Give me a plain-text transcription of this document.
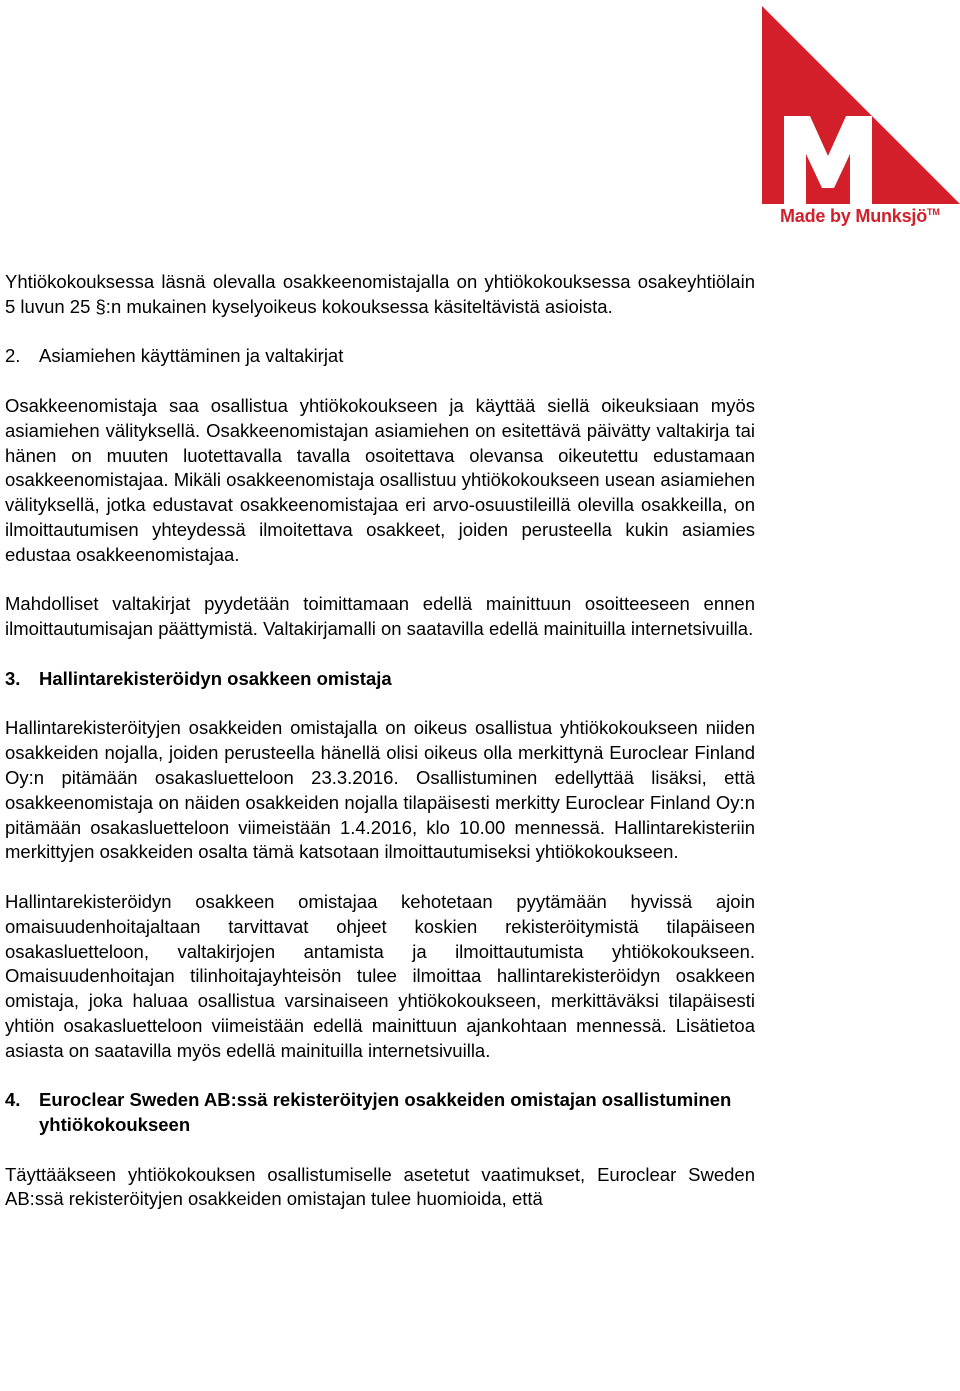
Made by Munksjö™

Yhtiökokouksessa läsnä olevalla osakkeenomistajalla on yhtiökokouksessa osakeyhtiölain 5 luvun 25 §:n mukainen kyselyoikeus kokouksessa käsiteltävistä asioista.

2.	Asiamiehen käyttäminen ja valtakirjat

Osakkeenomistaja saa osallistua yhtiökokoukseen ja käyttää siellä oikeuksiaan myös asiamiehen välityksellä. Osakkeenomistajan asiamiehen on esitettävä päivätty valtakirja tai hänen on muuten luotettavalla tavalla osoitettava olevansa oikeutettu edustamaan osakkeenomistajaa. Mikäli osakkeenomistaja osallistuu yhtiökokoukseen usean asiamiehen välityksellä, jotka edustavat osakkeenomistajaa eri arvo-osuustileillä olevilla osakkeilla, on ilmoittautumisen yhteydessä ilmoitettava osakkeet, joiden perusteella kukin asiamies edustaa osakkeenomistajaa.

Mahdolliset valtakirjat pyydetään toimittamaan edellä mainittuun osoitteeseen ennen ilmoittautumisajan päättymistä. Valtakirjamalli on saatavilla edellä mainituilla internetsivuilla.

3.	Hallintarekisteröidyn osakkeen omistaja

Hallintarekisteröityjen osakkeiden omistajalla on oikeus osallistua yhtiökokoukseen niiden osakkeiden nojalla, joiden perusteella hänellä olisi oikeus olla merkittynä Euroclear Finland Oy:n pitämään osakasluetteloon 23.3.2016. Osallistuminen edellyttää lisäksi, että osakkeenomistaja on näiden osakkeiden nojalla tilapäisesti merkitty Euroclear Finland Oy:n pitämään osakasluetteloon viimeistään 1.4.2016, klo 10.00 mennessä. Hallintarekisteriin merkittyjen osakkeiden osalta tämä katsotaan ilmoittautumiseksi yhtiökokoukseen.

Hallintarekisteröidyn osakkeen omistajaa kehotetaan pyytämään hyvissä ajoin omaisuudenhoitajaltaan tarvittavat ohjeet koskien rekisteröitymistä tilapäiseen osakasluetteloon, valtakirjojen antamista ja ilmoittautumista yhtiökokoukseen. Omaisuudenhoitajan tilinhoitajayhteisön tulee ilmoittaa hallintarekisteröidyn osakkeen omistaja, joka haluaa osallistua varsinaiseen yhtiökokoukseen, merkittäväksi tilapäisesti yhtiön osakasluetteloon viimeistään edellä mainittuun ajankohtaan mennessä. Lisätietoa asiasta on saatavilla myös edellä mainituilla internetsivuilla.

4.	Euroclear Sweden AB:ssä rekisteröityjen osakkeiden omistajan osallistuminen yhtiökokoukseen

Täyttääkseen yhtiökokouksen osallistumiselle asetetut vaatimukset, Euroclear Sweden AB:ssä rekisteröityjen osakkeiden omistajan tulee huomioida, että
